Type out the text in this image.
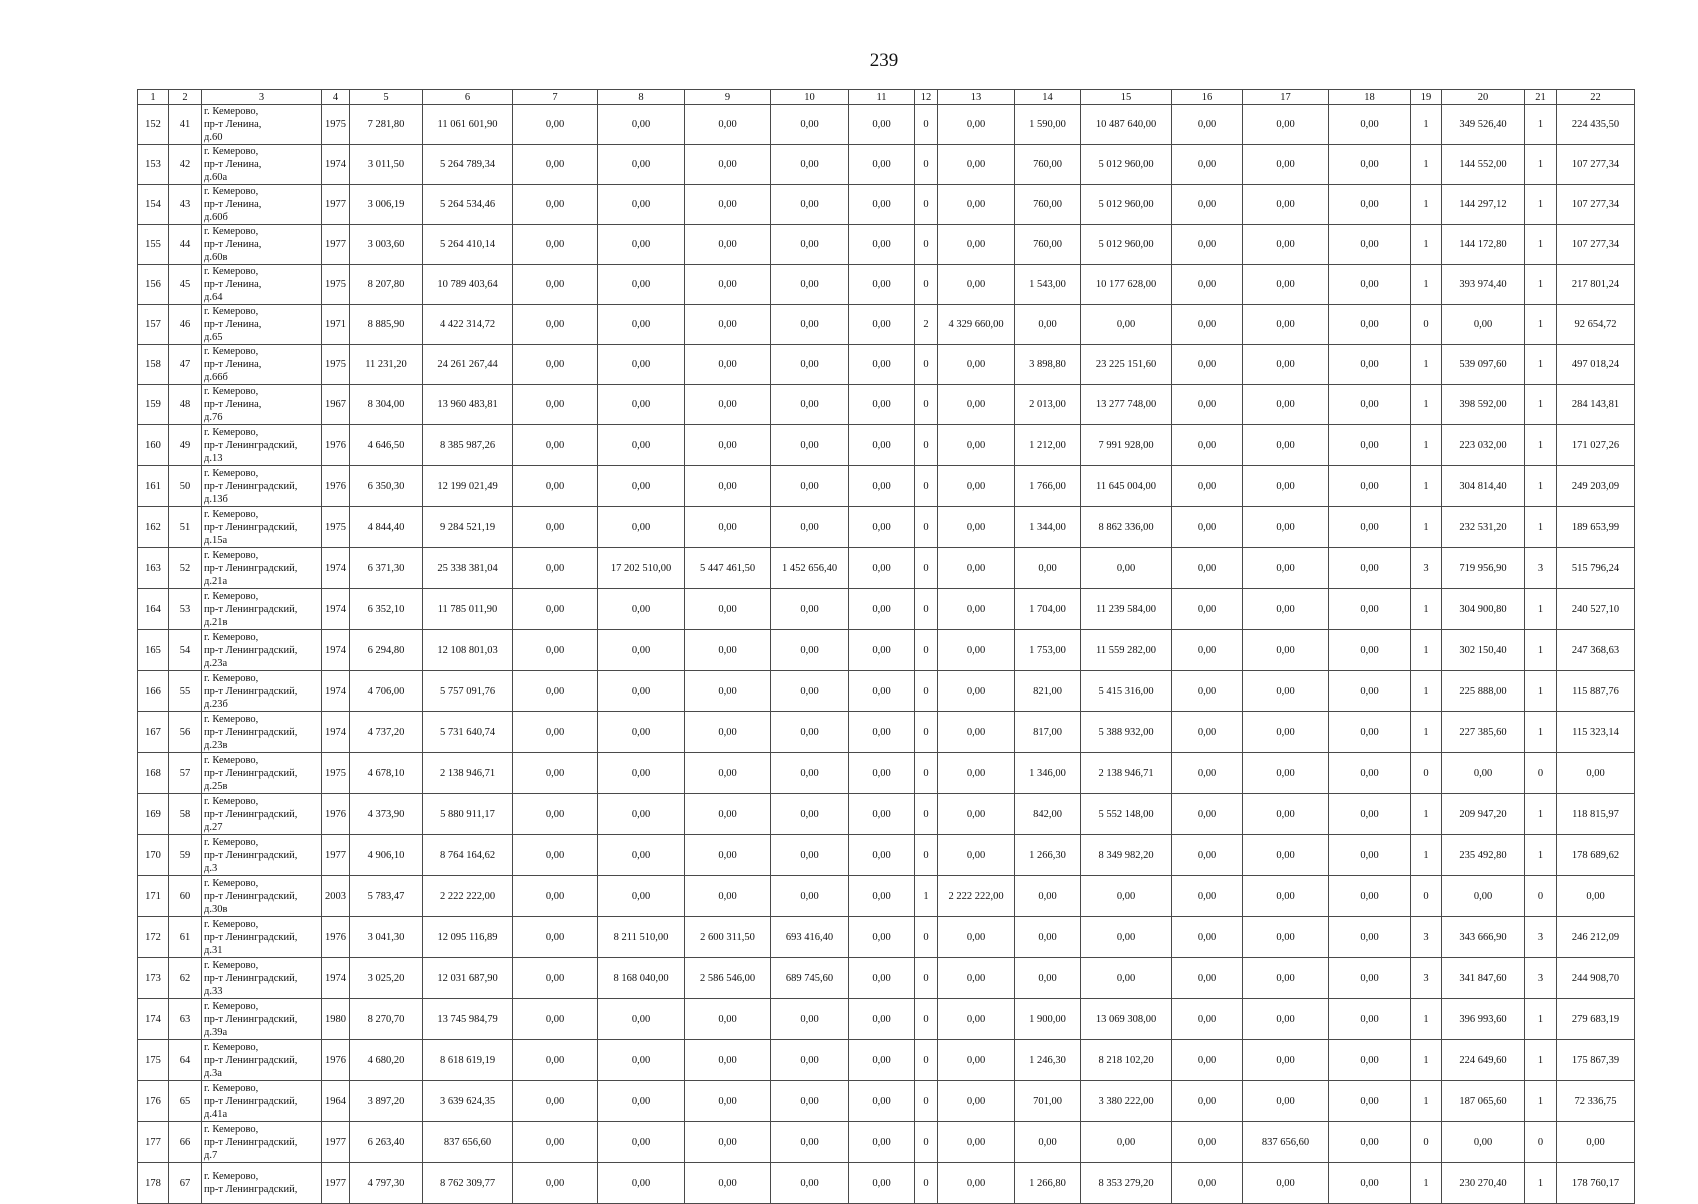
239
1	2	3	4	5	6	7	8	9	10	11	12	13	14	15	16	17	18	19	20	21	22
152	41	г. Кемерово,
пр-т Ленина,
д.60	1975	7 281,80	11 061 601,90	0,00	0,00	0,00	0,00	0,00	0	0,00	1 590,00	10 487 640,00	0,00	0,00	0,00	1	349 526,40	1	224 435,50
153	42	г. Кемерово,
пр-т Ленина,
д.60а	1974	3 011,50	5 264 789,34	0,00	0,00	0,00	0,00	0,00	0	0,00	760,00	5 012 960,00	0,00	0,00	0,00	1	144 552,00	1	107 277,34
154	43	г. Кемерово,
пр-т Ленина,
д.60б	1977	3 006,19	5 264 534,46	0,00	0,00	0,00	0,00	0,00	0	0,00	760,00	5 012 960,00	0,00	0,00	0,00	1	144 297,12	1	107 277,34
155	44	г. Кемерово,
пр-т Ленина,
д.60в	1977	3 003,60	5 264 410,14	0,00	0,00	0,00	0,00	0,00	0	0,00	760,00	5 012 960,00	0,00	0,00	0,00	1	144 172,80	1	107 277,34
156	45	г. Кемерово,
пр-т Ленина,
д.64	1975	8 207,80	10 789 403,64	0,00	0,00	0,00	0,00	0,00	0	0,00	1 543,00	10 177 628,00	0,00	0,00	0,00	1	393 974,40	1	217 801,24
157	46	г. Кемерово,
пр-т Ленина,
д.65	1971	8 885,90	4 422 314,72	0,00	0,00	0,00	0,00	0,00	2	4 329 660,00	0,00	0,00	0,00	0,00	0,00	0	0,00	1	92 654,72
158	47	г. Кемерово,
пр-т Ленина,
д.66б	1975	11 231,20	24 261 267,44	0,00	0,00	0,00	0,00	0,00	0	0,00	3 898,80	23 225 151,60	0,00	0,00	0,00	1	539 097,60	1	497 018,24
159	48	г. Кемерово,
пр-т Ленина,
д.76	1967	8 304,00	13 960 483,81	0,00	0,00	0,00	0,00	0,00	0	0,00	2 013,00	13 277 748,00	0,00	0,00	0,00	1	398 592,00	1	284 143,81
160	49	г. Кемерово,
пр-т Ленинградский,
д.13	1976	4 646,50	8 385 987,26	0,00	0,00	0,00	0,00	0,00	0	0,00	1 212,00	7 991 928,00	0,00	0,00	0,00	1	223 032,00	1	171 027,26
161	50	г. Кемерово,
пр-т Ленинградский,
д.13б	1976	6 350,30	12 199 021,49	0,00	0,00	0,00	0,00	0,00	0	0,00	1 766,00	11 645 004,00	0,00	0,00	0,00	1	304 814,40	1	249 203,09
162	51	г. Кемерово,
пр-т Ленинградский,
д.15а	1975	4 844,40	9 284 521,19	0,00	0,00	0,00	0,00	0,00	0	0,00	1 344,00	8 862 336,00	0,00	0,00	0,00	1	232 531,20	1	189 653,99
163	52	г. Кемерово,
пр-т Ленинградский,
д.21а	1974	6 371,30	25 338 381,04	0,00	17 202 510,00	5 447 461,50	1 452 656,40	0,00	0	0,00	0,00	0,00	0,00	0,00	0,00	3	719 956,90	3	515 796,24
164	53	г. Кемерово,
пр-т Ленинградский,
д.21в	1974	6 352,10	11 785 011,90	0,00	0,00	0,00	0,00	0,00	0	0,00	1 704,00	11 239 584,00	0,00	0,00	0,00	1	304 900,80	1	240 527,10
165	54	г. Кемерово,
пр-т Ленинградский,
д.23а	1974	6 294,80	12 108 801,03	0,00	0,00	0,00	0,00	0,00	0	0,00	1 753,00	11 559 282,00	0,00	0,00	0,00	1	302 150,40	1	247 368,63
166	55	г. Кемерово,
пр-т Ленинградский,
д.23б	1974	4 706,00	5 757 091,76	0,00	0,00	0,00	0,00	0,00	0	0,00	821,00	5 415 316,00	0,00	0,00	0,00	1	225 888,00	1	115 887,76
167	56	г. Кемерово,
пр-т Ленинградский,
д.23в	1974	4 737,20	5 731 640,74	0,00	0,00	0,00	0,00	0,00	0	0,00	817,00	5 388 932,00	0,00	0,00	0,00	1	227 385,60	1	115 323,14
168	57	г. Кемерово,
пр-т Ленинградский,
д.25в	1975	4 678,10	2 138 946,71	0,00	0,00	0,00	0,00	0,00	0	0,00	1 346,00	2 138 946,71	0,00	0,00	0,00	0	0,00	0	0,00
169	58	г. Кемерово,
пр-т Ленинградский,
д.27	1976	4 373,90	5 880 911,17	0,00	0,00	0,00	0,00	0,00	0	0,00	842,00	5 552 148,00	0,00	0,00	0,00	1	209 947,20	1	118 815,97
170	59	г. Кемерово,
пр-т Ленинградский,
д.3	1977	4 906,10	8 764 164,62	0,00	0,00	0,00	0,00	0,00	0	0,00	1 266,30	8 349 982,20	0,00	0,00	0,00	1	235 492,80	1	178 689,62
171	60	г. Кемерово,
пр-т Ленинградский,
д.30в	2003	5 783,47	2 222 222,00	0,00	0,00	0,00	0,00	0,00	1	2 222 222,00	0,00	0,00	0,00	0,00	0,00	0	0,00	0	0,00
172	61	г. Кемерово,
пр-т Ленинградский,
д.31	1976	3 041,30	12 095 116,89	0,00	8 211 510,00	2 600 311,50	693 416,40	0,00	0	0,00	0,00	0,00	0,00	0,00	0,00	3	343 666,90	3	246 212,09
173	62	г. Кемерово,
пр-т Ленинградский,
д.33	1974	3 025,20	12 031 687,90	0,00	8 168 040,00	2 586 546,00	689 745,60	0,00	0	0,00	0,00	0,00	0,00	0,00	0,00	3	341 847,60	3	244 908,70
174	63	г. Кемерово,
пр-т Ленинградский,
д.39а	1980	8 270,70	13 745 984,79	0,00	0,00	0,00	0,00	0,00	0	0,00	1 900,00	13 069 308,00	0,00	0,00	0,00	1	396 993,60	1	279 683,19
175	64	г. Кемерово,
пр-т Ленинградский,
д.3а	1976	4 680,20	8 618 619,19	0,00	0,00	0,00	0,00	0,00	0	0,00	1 246,30	8 218 102,20	0,00	0,00	0,00	1	224 649,60	1	175 867,39
176	65	г. Кемерово,
пр-т Ленинградский,
д.41а	1964	3 897,20	3 639 624,35	0,00	0,00	0,00	0,00	0,00	0	0,00	701,00	3 380 222,00	0,00	0,00	0,00	1	187 065,60	1	72 336,75
177	66	г. Кемерово,
пр-т Ленинградский,
д.7	1977	6 263,40	837 656,60	0,00	0,00	0,00	0,00	0,00	0	0,00	0,00	0,00	0,00	837 656,60	0,00	0	0,00	0	0,00
178	67	г. Кемерово,
пр-т Ленинградский,	1977	4 797,30	8 762 309,77	0,00	0,00	0,00	0,00	0,00	0	0,00	1 266,80	8 353 279,20	0,00	0,00	0,00	1	230 270,40	1	178 760,17
